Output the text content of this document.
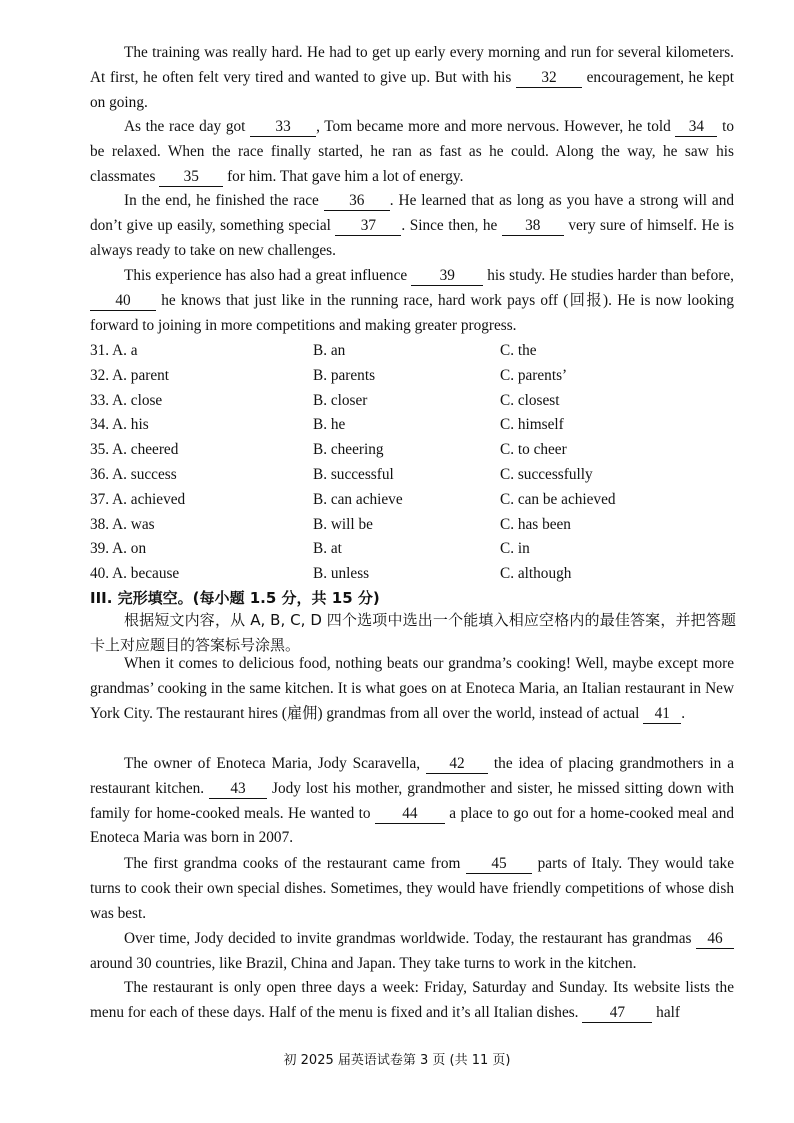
The training was really hard. He had to get up early every morning and run for several kilometers. At first, he often felt very tired and wanted to give up. But with his 32 encouragement, he kept on going.

As the race day got 33 , Tom became more and more nervous. However, he told 34 to be relaxed. When the race finally started, he ran as fast as he could. Along the way, he saw his classmates 35 for him. That gave him a lot of energy.

In the end, he finished the race 36 . He learned that as long as you have a strong will and don’t give up easily, something special 37 . Since then, he 38 very sure of himself. He is always ready to take on new challenges.

This experience has also had a great influence 39 his study. He studies harder than before, 40 he knows that just like in the running race, hard work pays off (回报). He is now looking forward to joining in more competitions and making greater progress.

31. A. a	B. an	C. the
32. A. parent	B. parents	C. parents’
33. A. close	B. closer	C. closest
34. A. his	B. he	C. himself
35. A. cheered	B. cheering	C. to cheer
36. A. success	B. successful	C. successfully
37. A. achieved	B. can achieve	C. can be achieved
38. A. was	B. will be	C. has been
39. A. on	B. at	C. in
40. A. because	B. unless	C. although
III. 完形填空。(每小题 1.5 分，共 15 分)

根据短文内容，从 A, B, C, D 四个选项中选出一个能填入相应空格内的最佳答案，并把答题卡上对应题目的答案标号涂黑。

When it comes to delicious food, nothing beats our grandma’s cooking! Well, maybe except more grandmas’ cooking in the same kitchen. It is what goes on at Enoteca Maria, an Italian restaurant in New York City. The restaurant hires (雇佣) grandmas from all over the world, instead of actual 41 .

The owner of Enoteca Maria, Jody Scaravella, 42 the idea of placing grandmothers in a restaurant kitchen. 43 Jody lost his mother, grandmother and sister, he missed sitting down with family for home-cooked meals. He wanted to 44 a place to go out for a home-cooked meal and Enoteca Maria was born in 2007.

The first grandma cooks of the restaurant came from 45 parts of Italy. They would take turns to cook their own special dishes. Sometimes, they would have friendly competitions of whose dish was best.

Over time, Jody decided to invite grandmas worldwide. Today, the restaurant has grandmas 46 around 30 countries, like Brazil, China and Japan. They take turns to work in the kitchen.

The restaurant is only open three days a week: Friday, Saturday and Sunday. Its website lists the menu for each of these days. Half of the menu is fixed and it’s all Italian dishes. 47 half

初 2025 届英语试卷第 3 页 (共 11 页)
